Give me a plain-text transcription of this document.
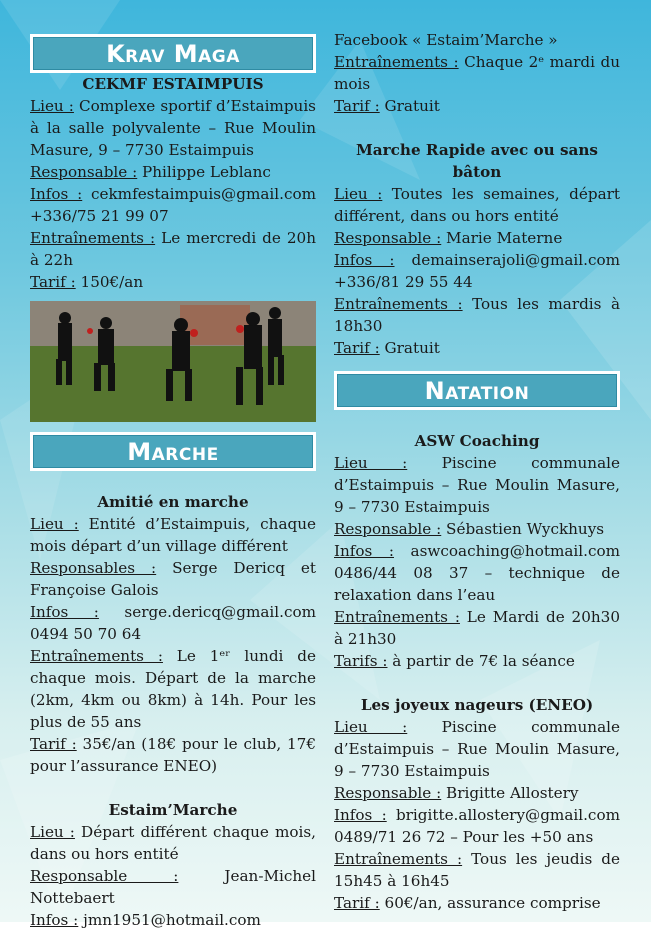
Krav Maga

CEKMF ESTAIMPUIS

Lieu : Complexe sportif d’Estaimpuis à la salle polyvalente – Rue Moulin Masure, 9 – 7730 Estaimpuis

Responsable : Philippe Leblanc

Infos : cekmfestaimpuis@gmail.com +336/75 21 99 07

Entraînements : Le mercredi de 20h à 22h

Tarif : 150€/an

Marche

Amitié en marche

Lieu : Entité d’Estaimpuis, chaque mois départ d’un village différent

Responsables : Serge Dericq et Françoise Galois

Infos : serge.dericq@gmail.com 0494 50 70 64

Entraînements : Le 1ᵉʳ lundi de chaque mois. Départ de la marche (2km, 4km ou 8km) à 14h. Pour les plus de 55 ans

Tarif : 35€/an (18€ pour le club, 17€ pour l’assurance ENEO)

Estaim’Marche

Lieu : Départ différent chaque mois, dans ou hors entité

Responsable : Jean-Michel Nottebaert

Infos : jmn1951@hotmail.com

Facebook « Estaim’Marche »

Entraînements : Chaque 2ᵉ mardi du mois

Tarif : Gratuit

Marche Rapide avec ou sans bâton

Lieu : Toutes les semaines, départ différent, dans ou hors entité

Responsable : Marie Materne

Infos : demainserajoli@gmail.com +336/81 29 55 44

Entraînements : Tous les mardis à 18h30

Tarif : Gratuit

Natation

ASW Coaching

Lieu : Piscine communale d’Estaimpuis – Rue Moulin Masure, 9 – 7730 Estaimpuis

Responsable : Sébastien Wyckhuys

Infos : aswcoaching@hotmail.com 0486/44 08 37 – technique de relaxation dans l’eau

Entraînements : Le Mardi de 20h30 à 21h30

Tarifs : à partir de 7€ la séance

Les joyeux nageurs (ENEO)

Lieu : Piscine communale d’Estaimpuis – Rue Moulin Masure, 9 – 7730 Estaimpuis

Responsable : Brigitte Allostery

Infos : brigitte.allostery@gmail.com 0489/71 26 72 – Pour les +50 ans

Entraînements : Tous les jeudis de 15h45 à 16h45

Tarif : 60€/an, assurance comprise
